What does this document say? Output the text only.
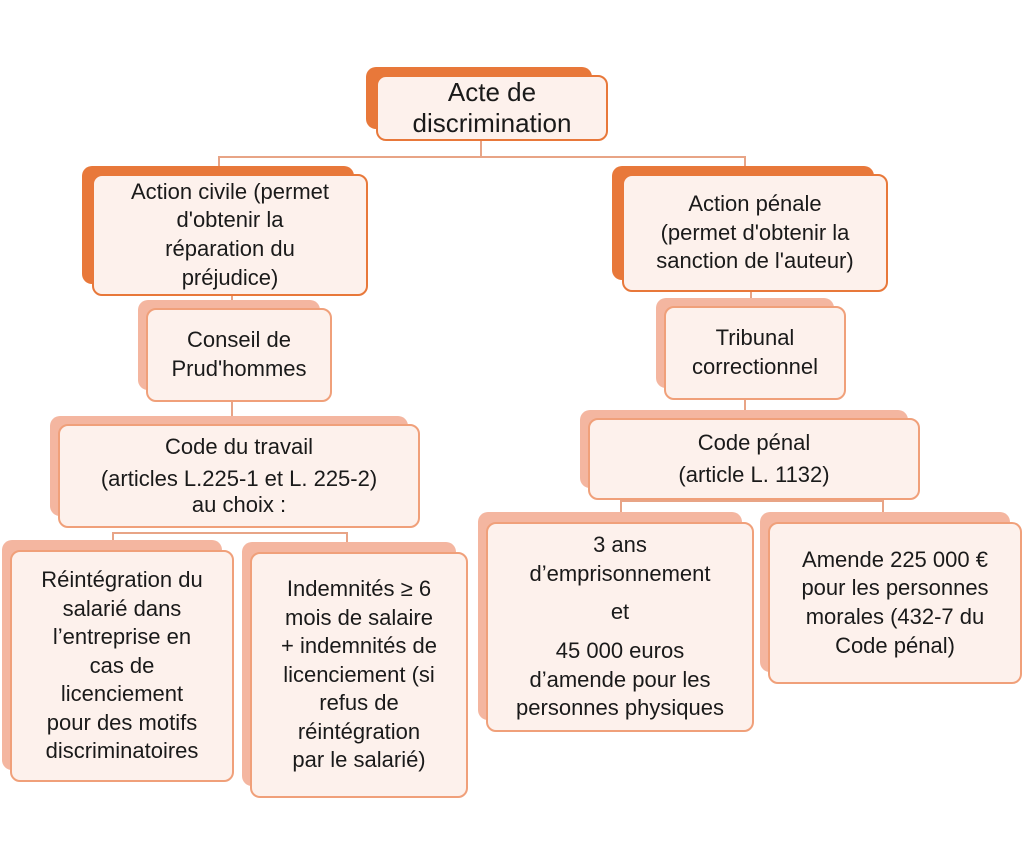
Acte de
discrimination
Action civile (permet
d'obtenir la
réparation du
préjudice)
Conseil de
Prud'hommes
Code du travail
(articles L.225-1 et L. 225-2)
au choix :
Réintégration du
salarié dans
l’entreprise en
cas de
licenciement
pour des motifs
discriminatoires
Indemnités ≥ 6
mois de salaire
+ indemnités de
licenciement (si
refus de
réintégration
par le salarié)
Action pénale
(permet d'obtenir la
sanction de l'auteur)
Tribunal
correctionnel
Code pénal
(article L. 1132)
3 ans
d’emprisonnement
et
45 000 euros
d’amende pour les
personnes physiques
Amende 225 000 €
pour les personnes
morales (432-7 du
Code pénal)
